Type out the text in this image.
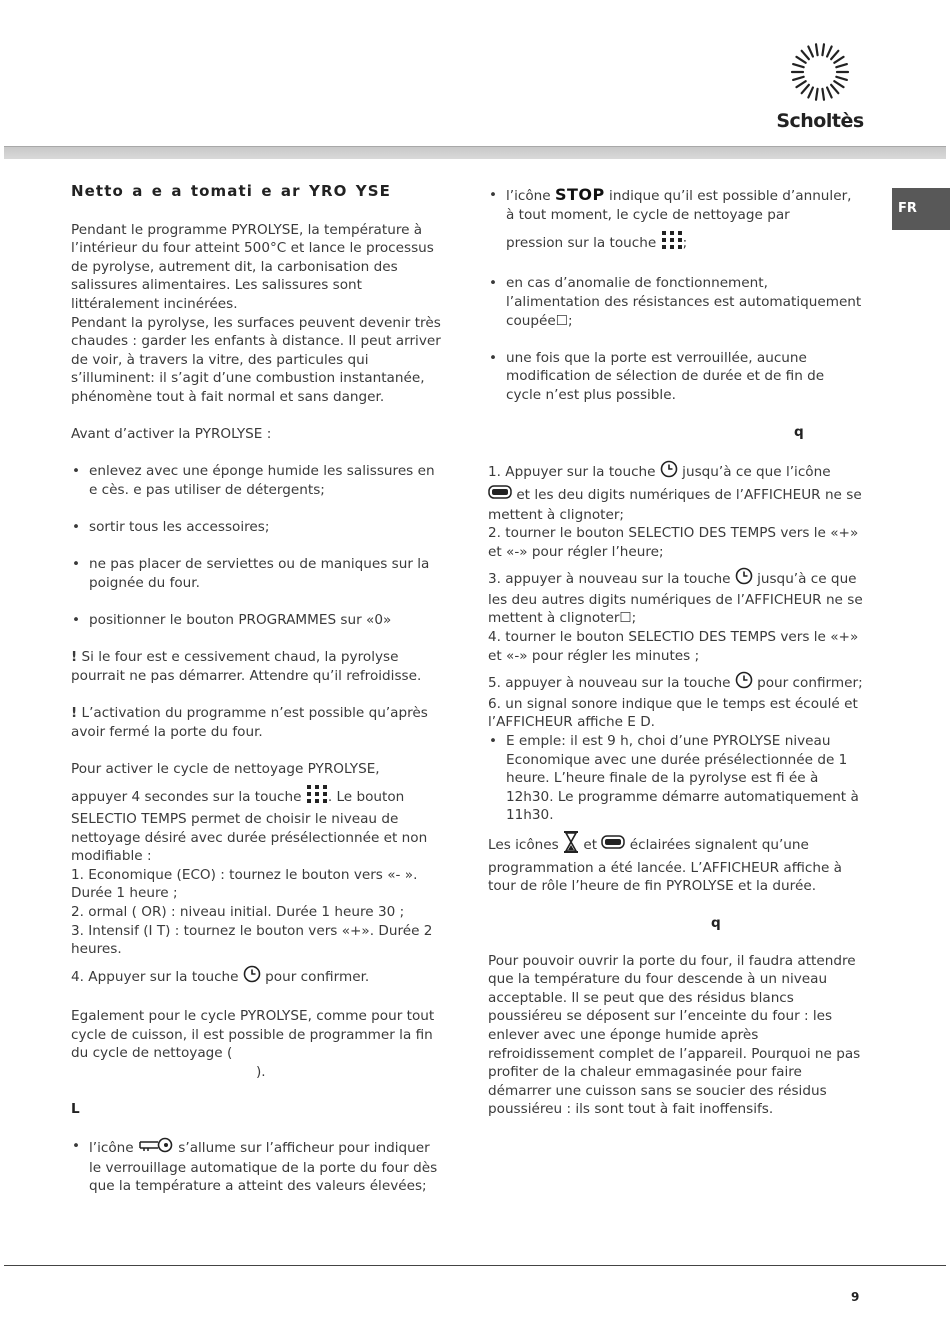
Scholtès
FR
Netto a e a tomati e ar YRO YSE

Pendant le programme PYROLYSE, la température à l’intérieur du four atteint 500°C et lance le processus de pyrolyse, autrement dit, la carbonisation des salissures alimentaires. Les salissures sont littéralement incinérées.

Pendant la pyrolyse, les surfaces peuvent devenir très chaudes : garder les enfants à distance. Il peut arriver de voir, à travers la vitre, des particules qui s’illuminent: il s’agit d’une combustion instantanée, phénomène tout à fait normal et sans danger.

Avant d’activer la PYROLYSE :

• enlevez avec une éponge humide les salissures en e cès. e pas utiliser de détergents;
• sortir tous les accessoires;
• ne pas placer de serviettes ou de maniques sur la poignée du four.
• positionner le bouton PROGRAMMES sur «0»

! Si le four est e cessivement chaud, la pyrolyse pourrait ne pas démarrer. Attendre qu’il refroidisse.

! L’activation du programme n’est possible qu’après avoir fermé la porte du four.

Pour activer le cycle de nettoyage PYROLYSE,

appuyer 4 secondes sur la touche . Le bouton SELECTIO TEMPS permet de choisir le niveau de nettoyage désiré avec durée présélectionnée et non modifiable :

1. Economique (ECO) : tournez le bouton vers «- ». Durée 1 heure ;

2. ormal ( OR) : niveau initial. Durée 1 heure 30 ;

3. Intensif (I T) : tournez le bouton vers «+». Durée 2 heures.

4. Appuyer sur la touche  pour confirmer.

Egalement pour le cycle PYROLYSE, comme pour tout cycle de cuisson, il est possible de programmer la fin du cycle de nettoyage (

).

L

• l’icône	s’allume sur l’afficheur pour indiquer le verrouillage automatique de la porte du four dès que la température a atteint des valeurs élevées;
• l’icône STOP indique qu’il est possible d’annuler, à tout moment, le cycle de nettoyage par
pression sur la touche ;
• en cas d’anomalie de fonctionnement, l’alimentation des résistances est automatiquement coupée☐;
• une fois que la porte est verrouillée, aucune modification de sélection de durée et de fin de cycle n’est plus possible.

q

1. Appuyer sur la touche  jusqu’à ce que l’icône

et les deu digits numériques de l’AFFICHEUR ne se mettent à clignoter;

2. tourner le bouton SELECTIO DES TEMPS vers le «+» et «-» pour régler l’heure;

3. appuyer à nouveau sur la touche  jusqu’à ce que les deu autres digits numériques de l’AFFICHEUR ne se mettent à clignoter☐;

4. tourner le bouton SELECTIO DES TEMPS vers le «+» et «-» pour régler les minutes ;

5. appuyer à nouveau sur la touche  pour confirmer;

6. un signal sonore indique que le temps est écoulé et l’AFFICHEUR affiche E D.

• E emple: il est 9 h, choi d’une PYROLYSE niveau Economique avec une durée présélectionnée de 1 heure. L’heure finale de la pyrolyse est fi ée à 12h30. Le programme démarre automatiquement à 11h30.

Les icônes  et  éclairées signalent qu’une programmation a été lancée. L’AFFICHEUR affiche à tour de rôle l’heure de fin PYROLYSE et la durée.

q

Pour pouvoir ouvrir la porte du four, il faudra attendre que la température du four descende à un niveau acceptable. Il se peut que des résidus blancs poussiéreu se déposent sur l’enceinte du four : les enlever avec une éponge humide après refroidissement complet de l’appareil. Pourquoi ne pas profiter de la chaleur emmagasinée pour faire démarrer une cuisson sans se soucier des résidus poussiéreu : ils sont tout à fait inoffensifs.

9
